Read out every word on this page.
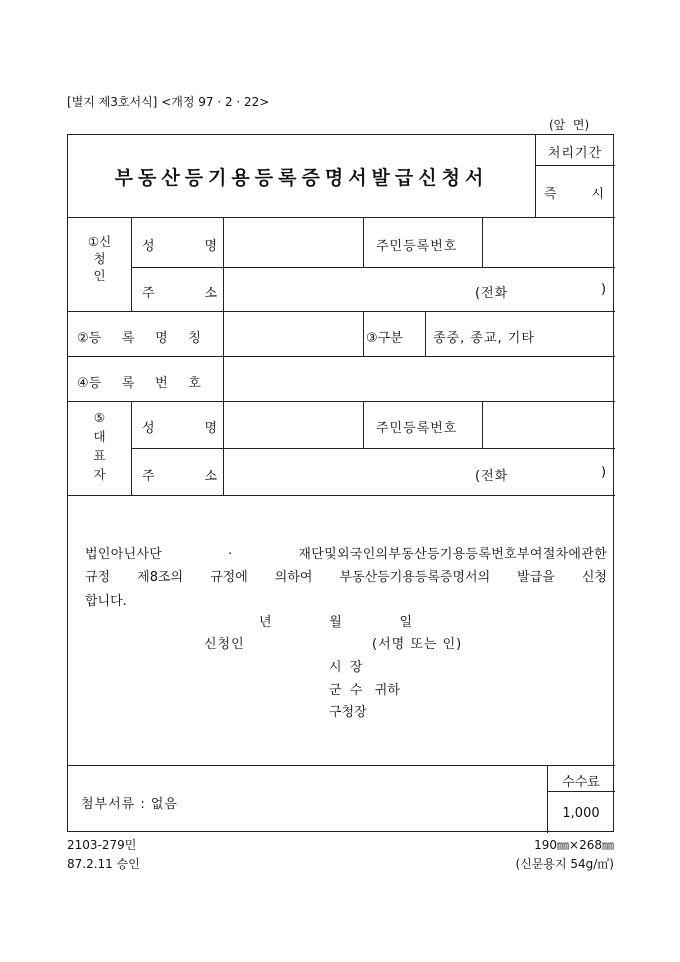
[별지 제3호서식] <개정 97 · 2 · 22>
(앞  면)
부동산등기용등록증명서발급신청서
처리기간
즉	시
①신
청
인
성	명	주민등록번호
주	소	(전화	)
②등 록 명 칭	③구분 종중, 종교, 기타
④등 록 번 호
⑤
대
표
자
성	명	주민등록번호
주	소	(전화	)
법인아닌사단 · 재단및외국인의부동산등기용등록번호부여절차에관한
규정 제8조의 규정에 의하여 부동산등기용등록증명서의 발급을 신청
합니다.
년	월	일
신청인	(서명 또는 인)
시  장
군  수   귀하
구청장
첨부서류 : 없음
수수료
1,000
2103-279민
87.2.11 승인
190㎜×268㎜
(신문용지 54g/㎡)
